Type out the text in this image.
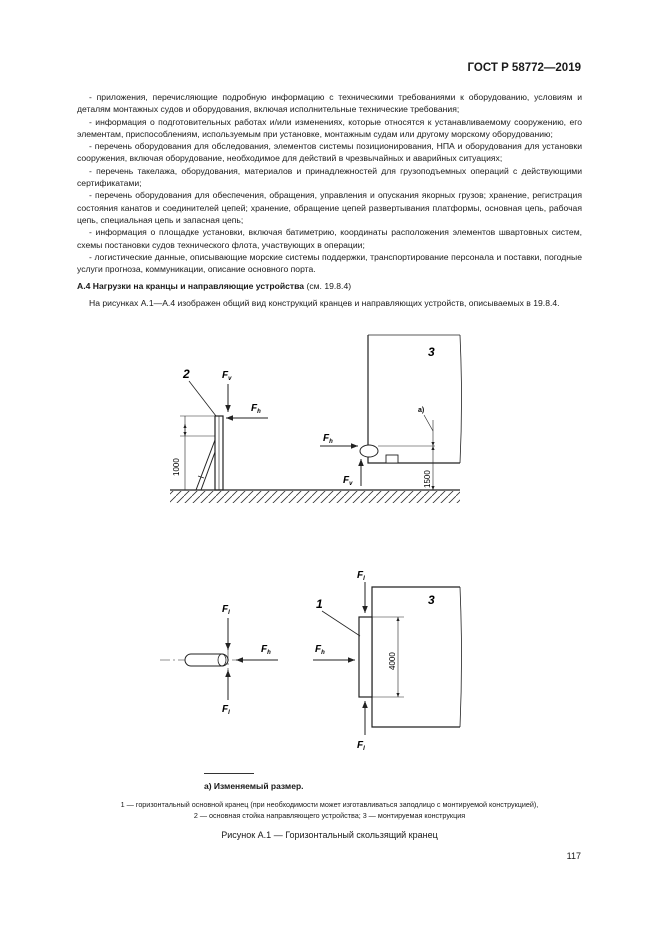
ГОСТ Р 58772—2019

- приложения, перечисляющие подробную информацию с техническими требованиями к оборудованию, условиям и деталям монтажных судов и оборудования, включая исполнительные технические требования;

- информация о подготовительных работах и/или изменениях, которые относятся к устанавливаемому сооружению, его элементам, приспособлениям, используемым при установке, монтажным судам или другому морскому оборудованию;

- перечень оборудования для обследования, элементов системы позиционирования, НПА и оборудования для установки сооружения, включая оборудование, необходимое для действий в чрезвычайных и аварийных ситуациях;

- перечень такелажа, оборудования, материалов и принадлежностей для грузоподъемных операций с действующими сертификатами;

- перечень оборудования для обеспечения, обращения, управления и опускания якорных грузов; хранение, регистрация состояния канатов и соединителей цепей; хранение, обращение цепей развертывания платформы, основная цепь, рабочая цепь, специальная цепь и запасная цепь;

- информация о площадке установки, включая батиметрию, координаты расположения элементов швартовных систем, схемы постановки судов технического флота, участвующих в операции;

- логистические данные, описывающие морские системы поддержки, транспортирование персонала и поставки, погодные услуги прогноза, коммуникации, описание основного порта.

А.4 Нагрузки на кранцы и направляющие устройства (см. 19.8.4)

На рисунках А.1—А.4 изображен общий вид конструкций кранцев и направляющих устройств, описываемых в 19.8.4.

2	$F_v$
$F_h$
1000
3
$F_h$
$F_v$
a)
1500
$F_l$
$F_l$
$F_h$
3
1
$F_l$
$F_l$
$F_h$	4000
a) Изменяемый размер.
1 — горизонтальный основной кранец (при необходимости может изготавливаться заподлицо с монтируемой конструкцией),
2 — основная стойка направляющего устройства; 3 — монтируемая конструкция
Рисунок А.1 — Горизонтальный скользящий кранец
117
